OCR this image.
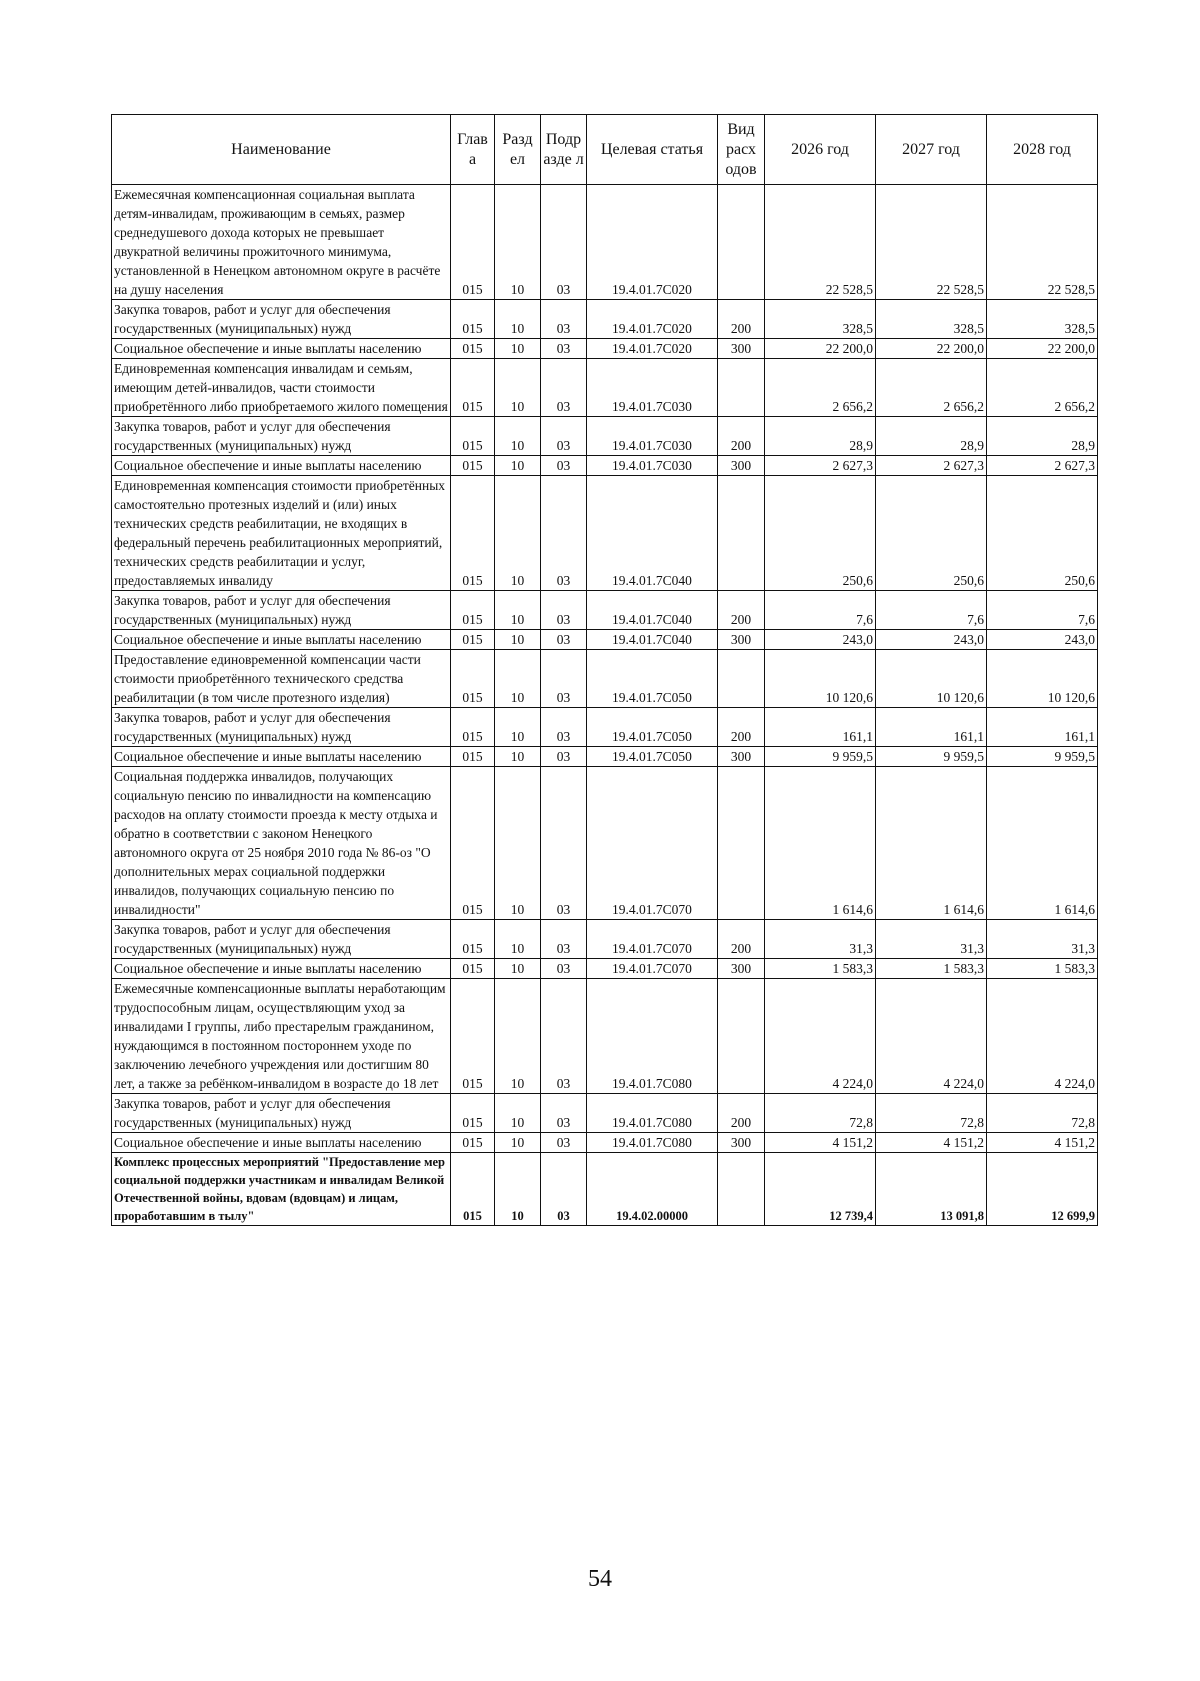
Наименование	Глав а	Разд ел	Подр азде л	Целевая статья	Вид расх одов	2026 год	2027 год	2028 год
Ежемесячная компенсационная социальная выплата детям-инвалидам, проживающим в семьях, размер среднедушевого дохода которых не превышает двукратной величины прожиточного минимума, установленной в Ненецком автономном округе в расчёте на душу населения	015	10	03	19.4.01.7С020		22 528,5	22 528,5	22 528,5
Закупка товаров, работ и услуг для обеспечения государственных (муниципальных) нужд	015	10	03	19.4.01.7С020	200	328,5	328,5	328,5
Социальное обеспечение и иные выплаты населению	015	10	03	19.4.01.7С020	300	22 200,0	22 200,0	22 200,0
Единовременная компенсация инвалидам и семьям, имеющим детей-инвалидов, части стоимости приобретённого либо приобретаемого жилого помещения	015	10	03	19.4.01.7С030		2 656,2	2 656,2	2 656,2
Закупка товаров, работ и услуг для обеспечения государственных (муниципальных) нужд	015	10	03	19.4.01.7С030	200	28,9	28,9	28,9
Социальное обеспечение и иные выплаты населению	015	10	03	19.4.01.7С030	300	2 627,3	2 627,3	2 627,3
Единовременная компенсация стоимости приобретённых самостоятельно протезных изделий и (или) иных технических средств реабилитации, не входящих в федеральный перечень реабилитационных мероприятий, технических средств реабилитации и услуг, предоставляемых инвалиду	015	10	03	19.4.01.7С040		250,6	250,6	250,6
Закупка товаров, работ и услуг для обеспечения государственных (муниципальных) нужд	015	10	03	19.4.01.7С040	200	7,6	7,6	7,6
Социальное обеспечение и иные выплаты населению	015	10	03	19.4.01.7С040	300	243,0	243,0	243,0
Предоставление единовременной компенсации части стоимости приобретённого технического средства реабилитации (в том числе протезного изделия)	015	10	03	19.4.01.7С050		10 120,6	10 120,6	10 120,6
Закупка товаров, работ и услуг для обеспечения государственных (муниципальных) нужд	015	10	03	19.4.01.7С050	200	161,1	161,1	161,1
Социальное обеспечение и иные выплаты населению	015	10	03	19.4.01.7С050	300	9 959,5	9 959,5	9 959,5
Социальная поддержка инвалидов, получающих социальную пенсию по инвалидности на компенсацию расходов на оплату стоимости проезда к месту отдыха и обратно в соответствии с законом Ненецкого автономного округа от 25 ноября 2010 года № 86-оз "О дополнительных мерах социальной поддержки инвалидов, получающих социальную пенсию по инвалидности"	015	10	03	19.4.01.7С070		1 614,6	1 614,6	1 614,6
Закупка товаров, работ и услуг для обеспечения государственных (муниципальных) нужд	015	10	03	19.4.01.7С070	200	31,3	31,3	31,3
Социальное обеспечение и иные выплаты населению	015	10	03	19.4.01.7С070	300	1 583,3	1 583,3	1 583,3
Ежемесячные компенсационные выплаты неработающим трудоспособным лицам, осуществляющим уход за инвалидами I группы, либо престарелым гражданином, нуждающимся в постоянном постороннем уходе по заключению лечебного учреждения или достигшим 80 лет, а также за ребёнком-инвалидом в возрасте до 18 лет	015	10	03	19.4.01.7С080		4 224,0	4 224,0	4 224,0
Закупка товаров, работ и услуг для обеспечения государственных (муниципальных) нужд	015	10	03	19.4.01.7С080	200	72,8	72,8	72,8
Социальное обеспечение и иные выплаты населению	015	10	03	19.4.01.7С080	300	4 151,2	4 151,2	4 151,2
Комплекс процессных мероприятий "Предоставление мер социальной поддержки участникам и инвалидам Великой Отечественной войны, вдовам (вдовцам) и лицам, проработавшим в тылу"	015	10	03	19.4.02.00000		12 739,4	13 091,8	12 699,9
54
